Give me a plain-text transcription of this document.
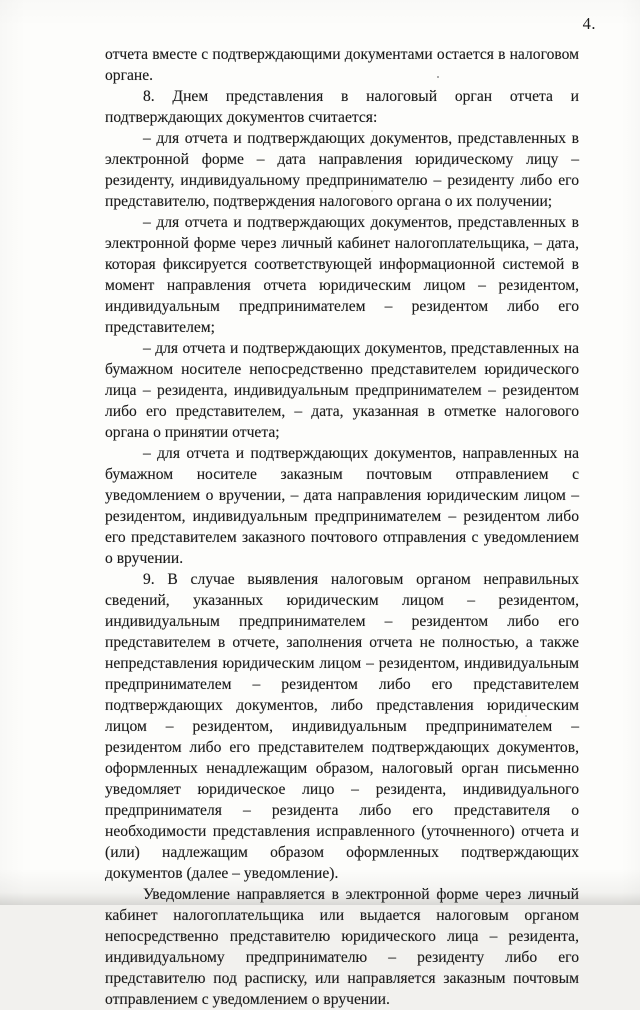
4.

отчета вместе с подтверждающими документами остается в налоговом органе.

8. Днем представления в налоговый орган отчета и подтверждающих документов считается:

– для отчета и подтверждающих документов, представленных в электронной форме – дата направления юридическому лицу – резиденту, индивидуальному предпринимателю – резиденту либо его представителю, подтверждения налогового органа о их получении;

– для отчета и подтверждающих документов, представленных в электронной форме через личный кабинет налогоплательщика, – дата, которая фиксируется соответствующей информационной системой в момент направления отчета юридическим лицом – резидентом, индивидуальным предпринимателем – резидентом либо его представителем;

– для отчета и подтверждающих документов, представленных на бумажном носителе непосредственно представителем юридического лица – резидента, индивидуальным предпринимателем – резидентом либо его представителем, – дата, указанная в отметке налогового органа о принятии отчета;

– для отчета и подтверждающих документов, направленных на бумажном носителе заказным почтовым отправлением с уведомлением о вручении, – дата направления юридическим лицом – резидентом, индивидуальным предпринимателем – резидентом либо его представителем заказного почтового отправления с уведомлением о вручении.

9. В случае выявления налоговым органом неправильных сведений, указанных юридическим лицом – резидентом, индивидуальным предпринимателем – резидентом либо его представителем в отчете, заполнения отчета не полностью, а также непредставления юридическим лицом – резидентом, индивидуальным предпринимателем – резидентом либо его представителем подтверждающих документов, либо представления юридическим лицом – резидентом, индивидуальным предпринимателем – резидентом либо его представителем подтверждающих документов, оформленных ненадлежащим образом, налоговый орган письменно уведомляет юридическое лицо – резидента, индивидуального предпринимателя – резидента либо его представителя о необходимости представления исправленного (уточненного) отчета и (или) надлежащим образом оформленных подтверждающих документов (далее – уведомление).

Уведомление направляется в электронной форме через личный кабинет налогоплательщика или выдается налоговым органом непосредственно представителю юридического лица – резидента, индивидуальному предпринимателю – резиденту либо его представителю под расписку, или направляется заказным почтовым отправлением с уведомлением о вручении.
